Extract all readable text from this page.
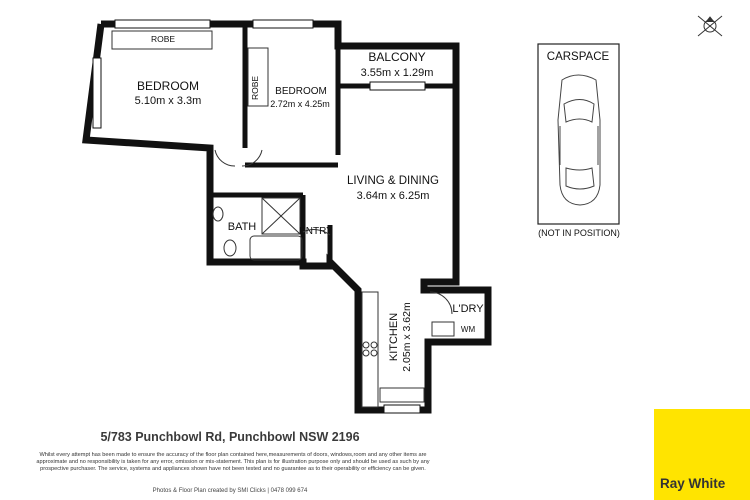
ROBE
BEDROOM
5.10m x 3.3m
ROBE BEDROOM
2.72m x 4.25m
BALCONY
3.55m x 1.29m
LIVING & DINING
3.64m x 6.25m
BATH	ENTRY
L'DRY
WM
KITCHEN 2.05m x 3.62m
CARSPACE
(NOT IN POSITION)
5/783 Punchbowl Rd, Punchbowl NSW 2196
Whilst every attempt has been made to ensure the accuracy of the floor plan contained here,measurements of doors, windows,room and any other items are approximate and no responsibility is taken for any error, omission or mis-statement. This plan is for illustration purpose only and should be used as such by any prospective purchaser. The service, systems and appliances shown have not been tested and no guarantee as to their operability or efficiency can be given.
Photos & Floor Plan created by SMI Clicks | 0478 099 674	Ray White
